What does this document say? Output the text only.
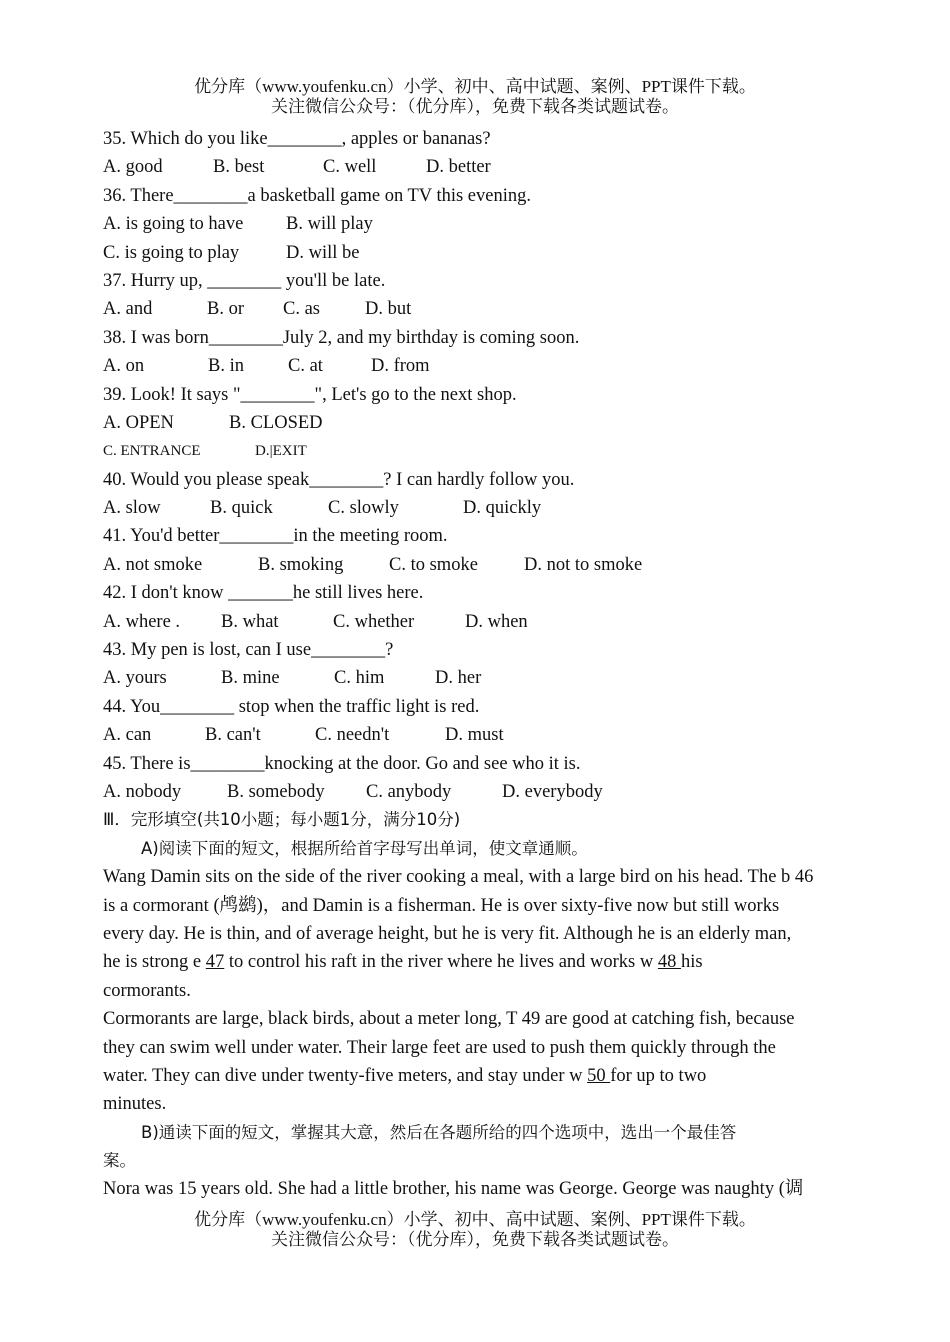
优分库（www.youfenku.cn）小学、初中、高中试题、案例、PPT课件下载。
关注微信公众号：（优分库），免费下载各类试题试卷。
35. Which do you like________, apples or bananas?
A. good	B. best	C. well	D. better
36. There________a basketball game on TV this evening.
A. is going to have	B. will play
C. is going to play	D. will be
37. Hurry up, ________ you'll be late.
A. and	B. or	C. as	D. but
38. I was born________July 2, and my birthday is coming soon.
A. on	B. in	C. at	D. from
39. Look! It says "________", Let's go to the next shop.
A. OPEN	B. CLOSED
C. ENTRANCE	D.|EXIT
40. Would you please speak________? I can hardly follow you.
A. slow	B. quick	C. slowly	D. quickly
41. You'd better________in the meeting room.
A. not smoke	B. smoking	C. to smoke	D. not to smoke
42. I don't know _______he still lives here.
A. where .	B. what	C. whether	D. when
43. My pen is lost, can I use________?
A. yours	B. mine	C. him	D. her
44. You________ stop when the traffic light is red.
A. can	B. can't	C. needn't	D. must
45. There is________knocking at the door. Go and see who it is.
A. nobody	B. somebody	C. anybody	D. everybody
Ⅲ．完形填空(共10小题；每小题1分，满分10分)
A)阅读下面的短文，根据所给首字母写出单词，使文章通顺。
Wang Damin sits on the side of the river cooking a meal, with a large bird on his head. The b 46
is a cormorant (鸬鹚)，and Damin is a fisherman. He is over sixty-five now but still works
every day. He is thin, and of average height, but he is very fit. Although he is an elderly man,
he is strong e 47 to control his raft in the river where he lives and works w 48 his
cormorants.
Cormorants are large, black birds, about a meter long, T 49 are good at catching fish, because
they can swim well under water. Their large feet are used to push them quickly through the
water. They can dive under twenty-five meters, and stay under w 50 for up to two
minutes.
B)通读下面的短文，掌握其大意，然后在各题所给的四个选项中，选出一个最佳答
案。
Nora was 15 years old. She had a little brother, his name was George. George was naughty (调
优分库（www.youfenku.cn）小学、初中、高中试题、案例、PPT课件下载。
关注微信公众号：（优分库），免费下载各类试题试卷。
